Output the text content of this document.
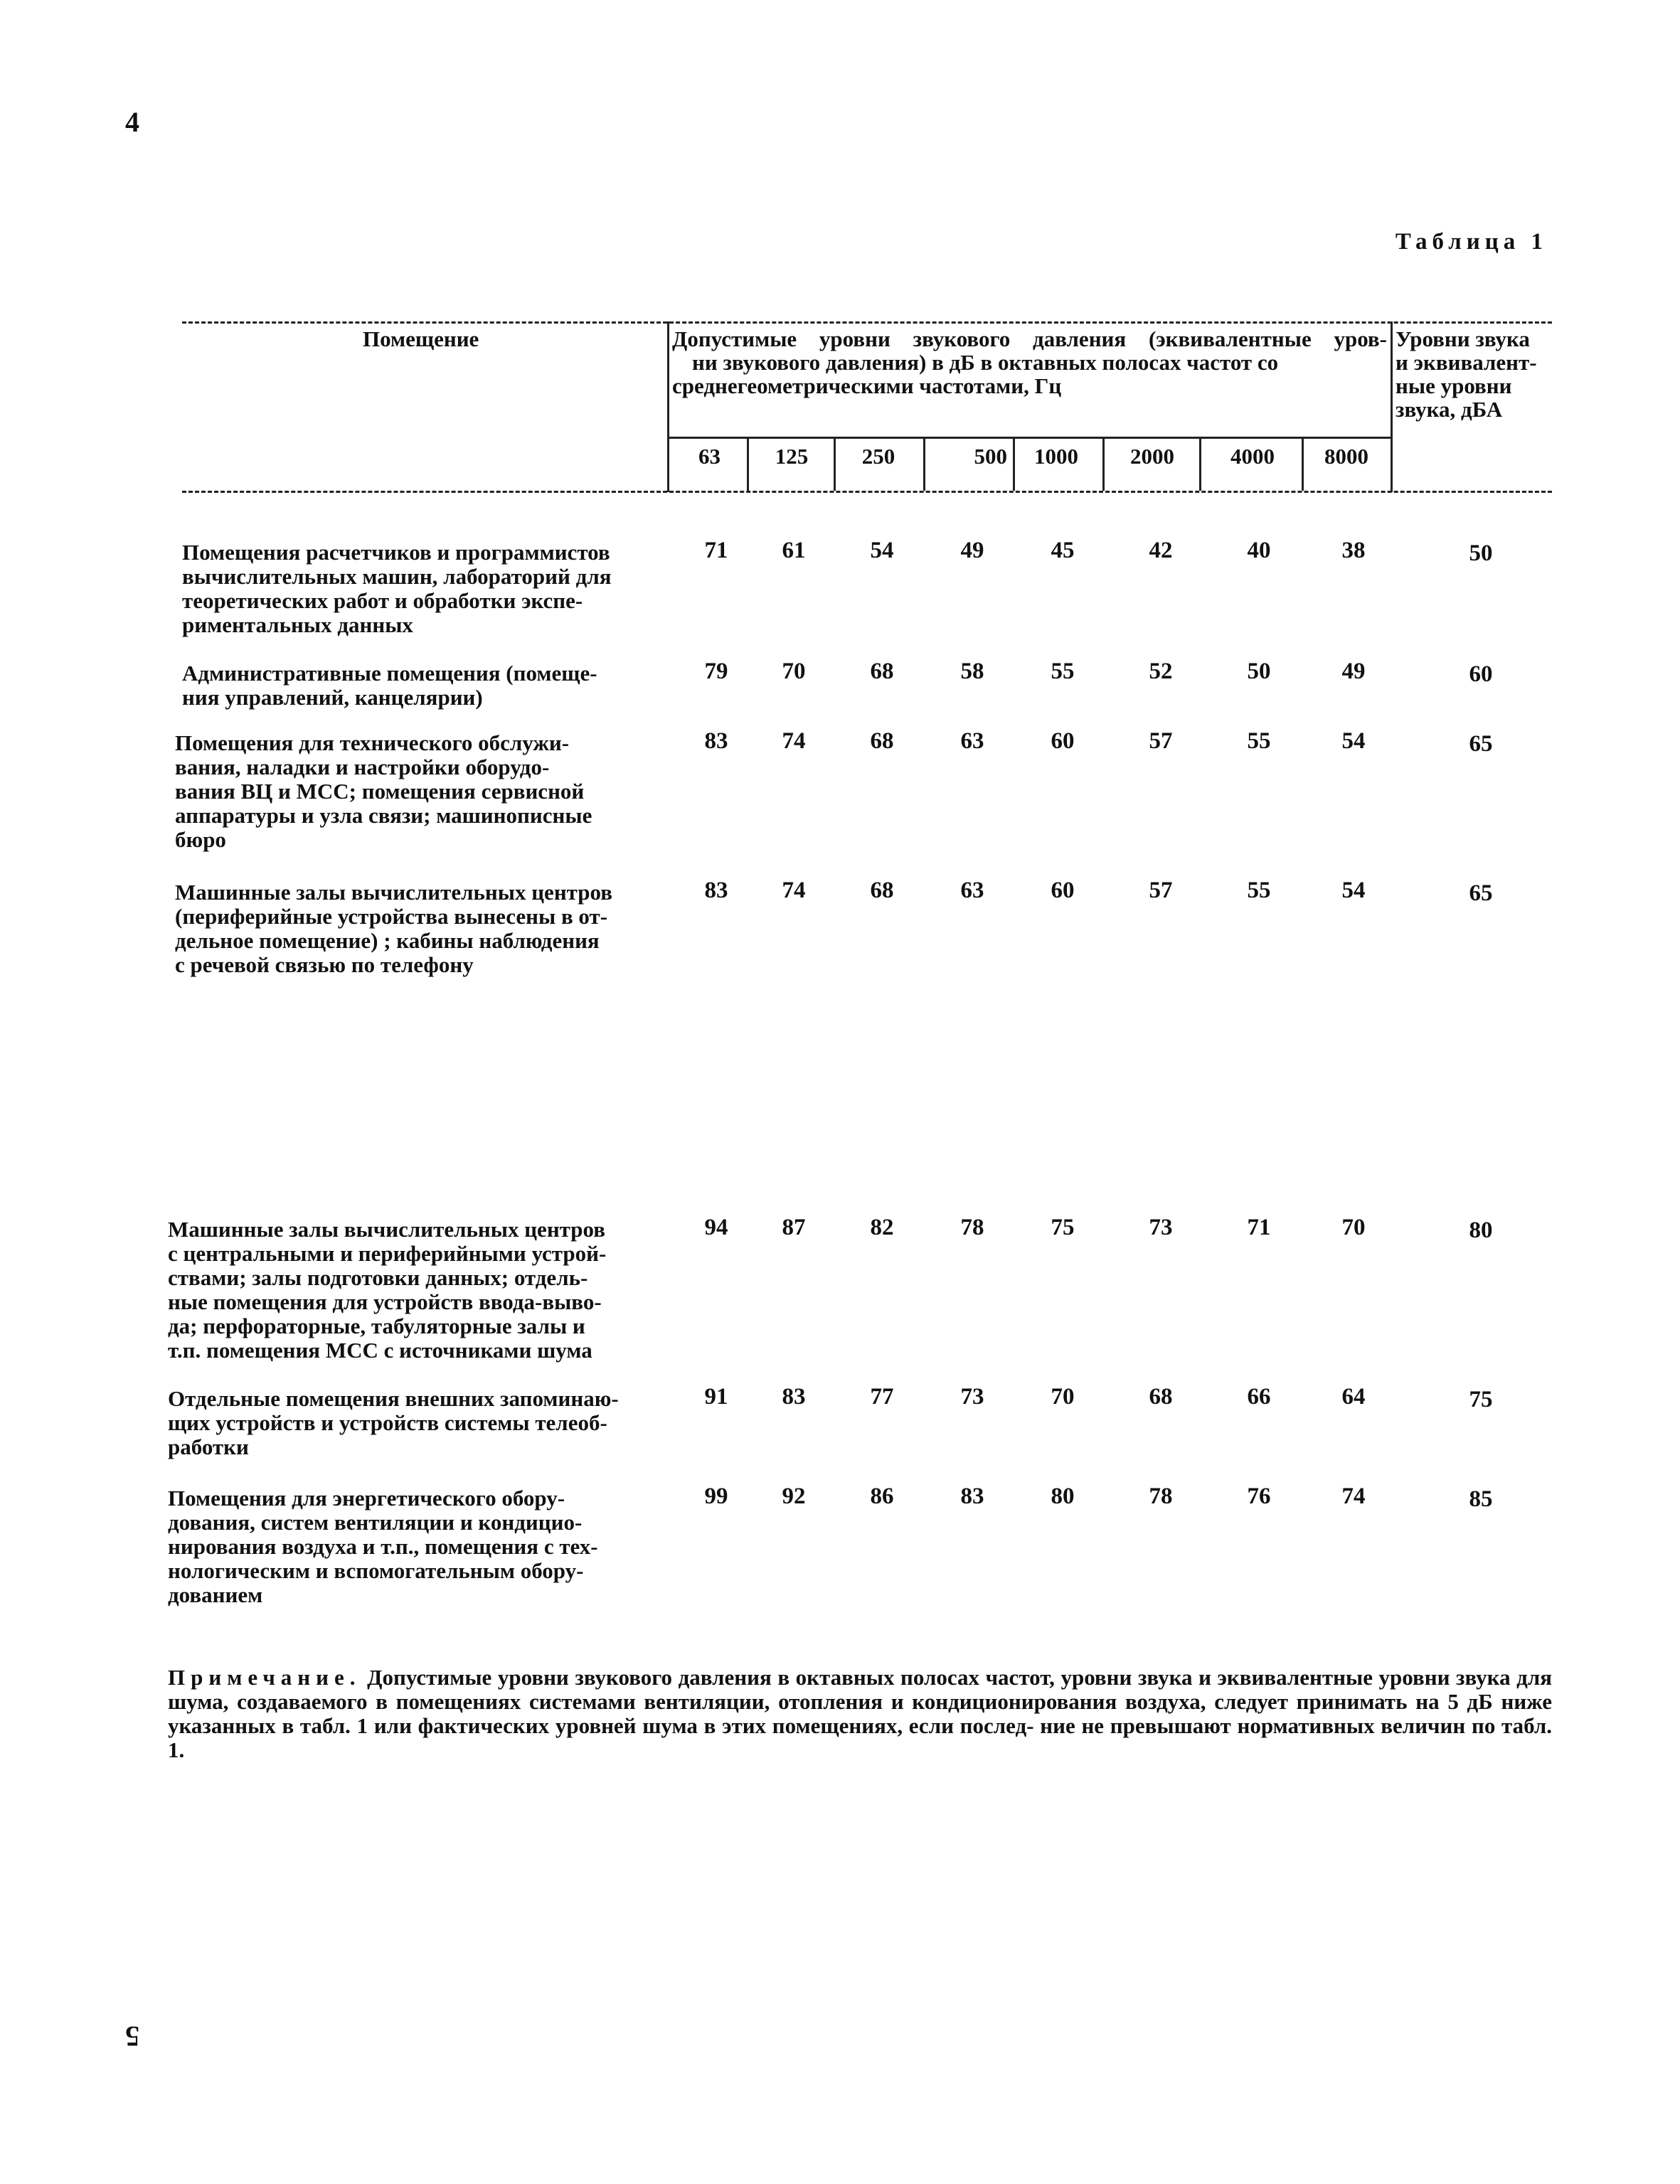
4
5
Таблица 1
Помещение	Допустимые уровни звукового давления (эквивалентные уров-
ни звукового давления) в дБ в октавных полосах частот со
среднегеометрическими частотами, Гц
Уровни звука
и эквивалент-
ные уровни
звука, дБА
63	125	250	500	1000	2000	4000	8000
Помещения расчетчиков и программистов
вычислительных машин, лабораторий для
теоретических работ и обработки экспе-
риментальных данных
71	61	54	49	45	42	40	38	50
Административные помещения (помеще-
ния управлений, канцелярии)
79	70	68	58	55	52	50	49	60
Помещения для технического обслужи-
вания, наладки и настройки оборудо-
вания ВЦ и МСС; помещения сервисной
аппаратуры и узла связи; машинописные
бюро
83	74	68	63	60	57	55	54	65
Машинные залы вычислительных центров
(периферийные устройства вынесены в от-
дельное помещение) ; кабины наблюдения
с речевой связью по телефону
83	74	68	63	60	57	55	54	65
Машинные залы вычислительных центров
с центральными и периферийными устрой-
ствами; залы подготовки данных; отдель-
ные помещения для устройств ввода-выво-
да; перфораторные, табуляторные залы и
т.п. помещения МСС с источниками шума
94	87	82	78	75	73	71	70	80
Отдельные помещения внешних запоминаю-
щих устройств и устройств системы телеоб-
работки
91	83	77	73	70	68	66	64	75
Помещения для энергетического обору-
дования, систем вентиляции и кондицио-
нирования воздуха и т.п., помещения с тех-
нологическим и вспомогательным обору-
дованием
99	92	86	83	80	78	76	74	85
Примечание. Допустимые уровни звукового давления в октавных полосах частот, уровни звука и эквивалентные уровни звука для шума, создаваемого в помещениях системами вентиляции, отопления и кондиционирования воздуха, следует принимать на 5 дБ ниже указанных в табл. 1 или фактических уровней шума в этих помещениях, если послед- ние не превышают нормативных величин по табл. 1.
